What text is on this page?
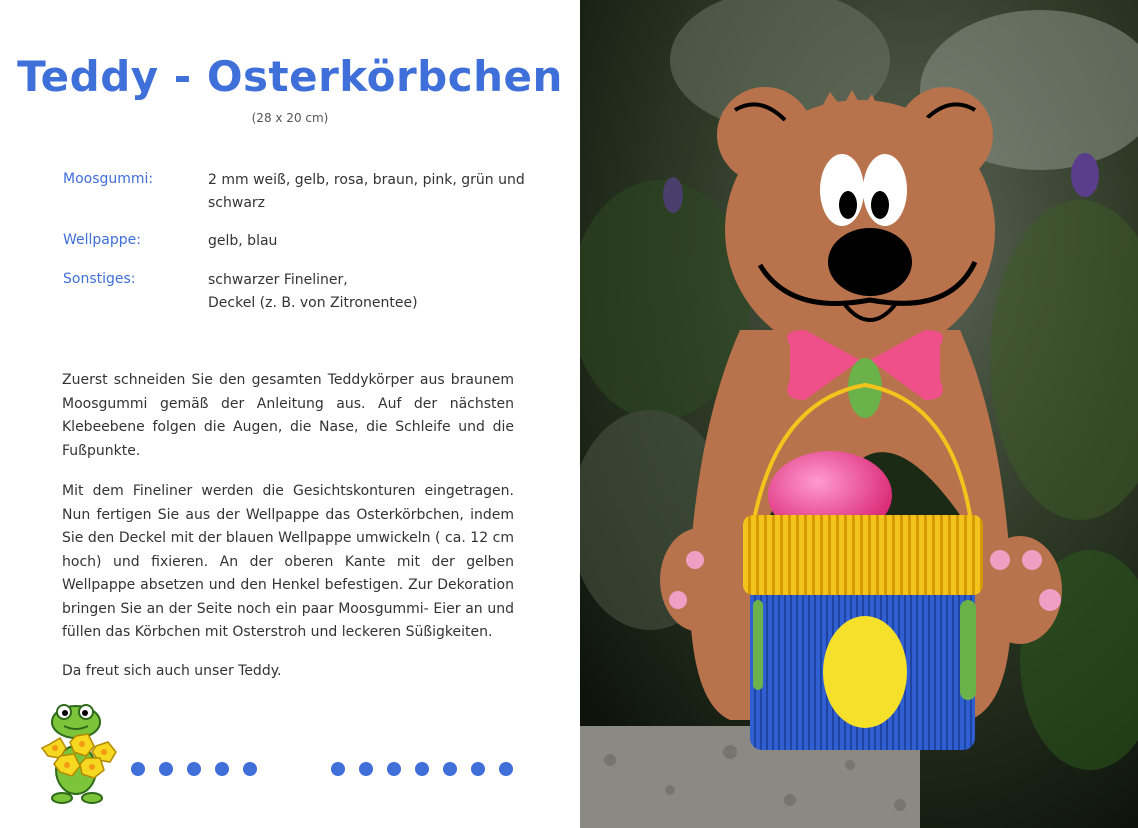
Teddy - Osterkörbchen
(28 x 20 cm)
Moosgummi:	2 mm weiß, gelb, rosa, braun, pink, grün und
schwarz
Wellpappe:	gelb, blau
Sonstiges:	schwarzer Fineliner,
Deckel (z. B. von Zitronentee)
Zuerst schneiden Sie den gesamten Teddykörper aus braunem Moosgummi gemäß der Anleitung aus. Auf der nächsten Klebeebene folgen die Augen, die Nase, die Schleife und die Fußpunkte.
Mit dem Fineliner werden die Gesichtskonturen eingetragen. Nun fertigen Sie aus der Wellpappe das Osterkörbchen, indem Sie den Deckel mit der blauen Wellpappe umwickeln ( ca. 12 cm hoch) und fixieren. An der oberen Kante mit der gelben Wellpappe absetzen und den Henkel befestigen. Zur Dekoration bringen Sie an der Seite noch ein paar Moosgummi- Eier an und füllen das Körbchen mit Osterstroh und leckeren Süßigkeiten.
Da freut sich auch unser Teddy.
